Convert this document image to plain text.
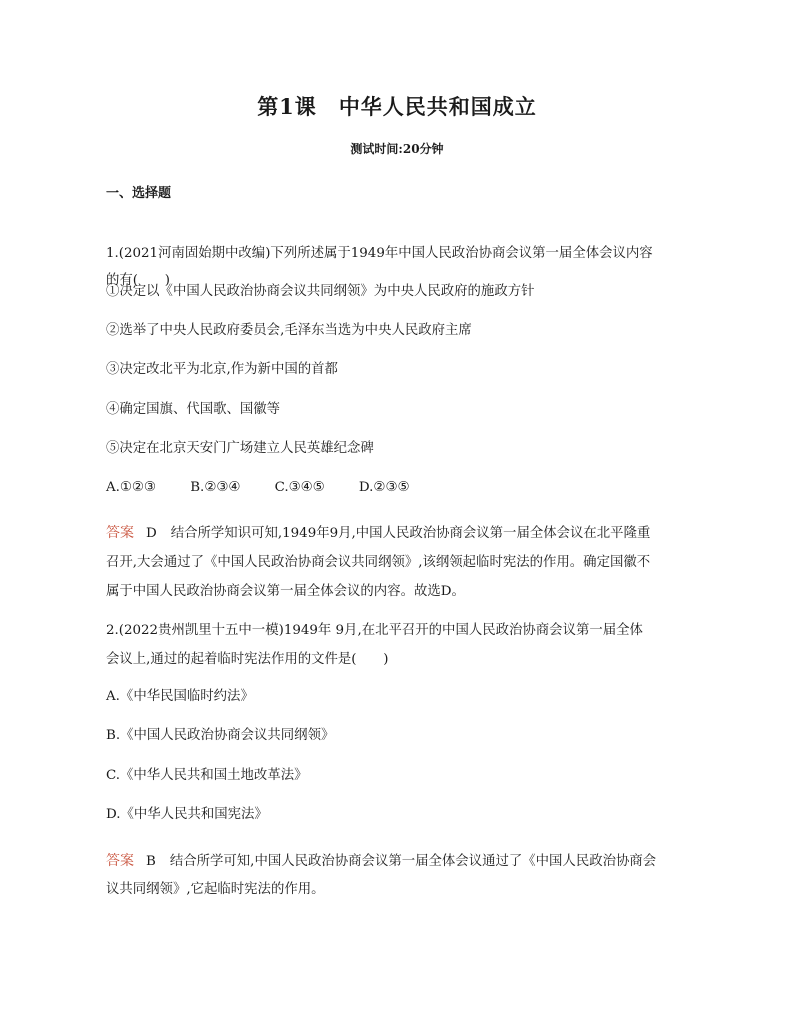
第1课 中华人民共和国成立
测试时间:20分钟
一、选择题
1.(2021河南固始期中改编)下列所述属于1949年中国人民政治协商会议第一届全体会议内容
的有(　　)
①决定以《中国人民政治协商会议共同纲领》为中央人民政府的施政方针
②选举了中央人民政府委员会,毛泽东当选为中央人民政府主席
③决定改北平为北京,作为新中国的首都
④确定国旗、代国歌、国徽等
⑤决定在北京天安门广场建立人民英雄纪念碑
A.①②③	B.②③④	C.③④⑤	D.②③⑤
答案 D 结合所学知识可知,1949年9月,中国人民政治协商会议第一届全体会议在北平隆重
召开,大会通过了《中国人民政治协商会议共同纲领》,该纲领起临时宪法的作用。确定国徽不
属于中国人民政治协商会议第一届全体会议的内容。故选D。
2.(2022贵州凯里十五中一模)1949年 9月,在北平召开的中国人民政治协商会议第一届全体
会议上,通过的起着临时宪法作用的文件是(　　)
A.《中华民国临时约法》
B.《中国人民政治协商会议共同纲领》
C.《中华人民共和国土地改革法》
D.《中华人民共和国宪法》
答案 B 结合所学可知,中国人民政治协商会议第一届全体会议通过了《中国人民政治协商会
议共同纲领》,它起临时宪法的作用。
